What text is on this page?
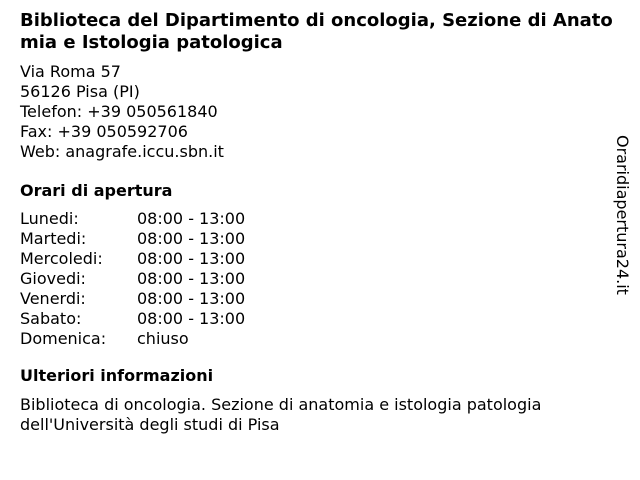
Biblioteca del Dipartimento di oncologia, Sezione di Anatomia e Istologia patologica
Via Roma 57
56126 Pisa (PI)
Telefon: +39 050561840
Fax: +39 050592706
Web: anagrafe.iccu.sbn.it
Orari di apertura
Lunedi:	08:00 - 13:00
Martedi:	08:00 - 13:00
Mercoledi:	08:00 - 13:00
Giovedi:	08:00 - 13:00
Venerdi:	08:00 - 13:00
Sabato:	08:00 - 13:00
Domenica:	chiuso
Ulteriori informazioni
Biblioteca di oncologia. Sezione di anatomia e istologia patologia dell'Università degli studi di Pisa
Oraridiapertura24.it
